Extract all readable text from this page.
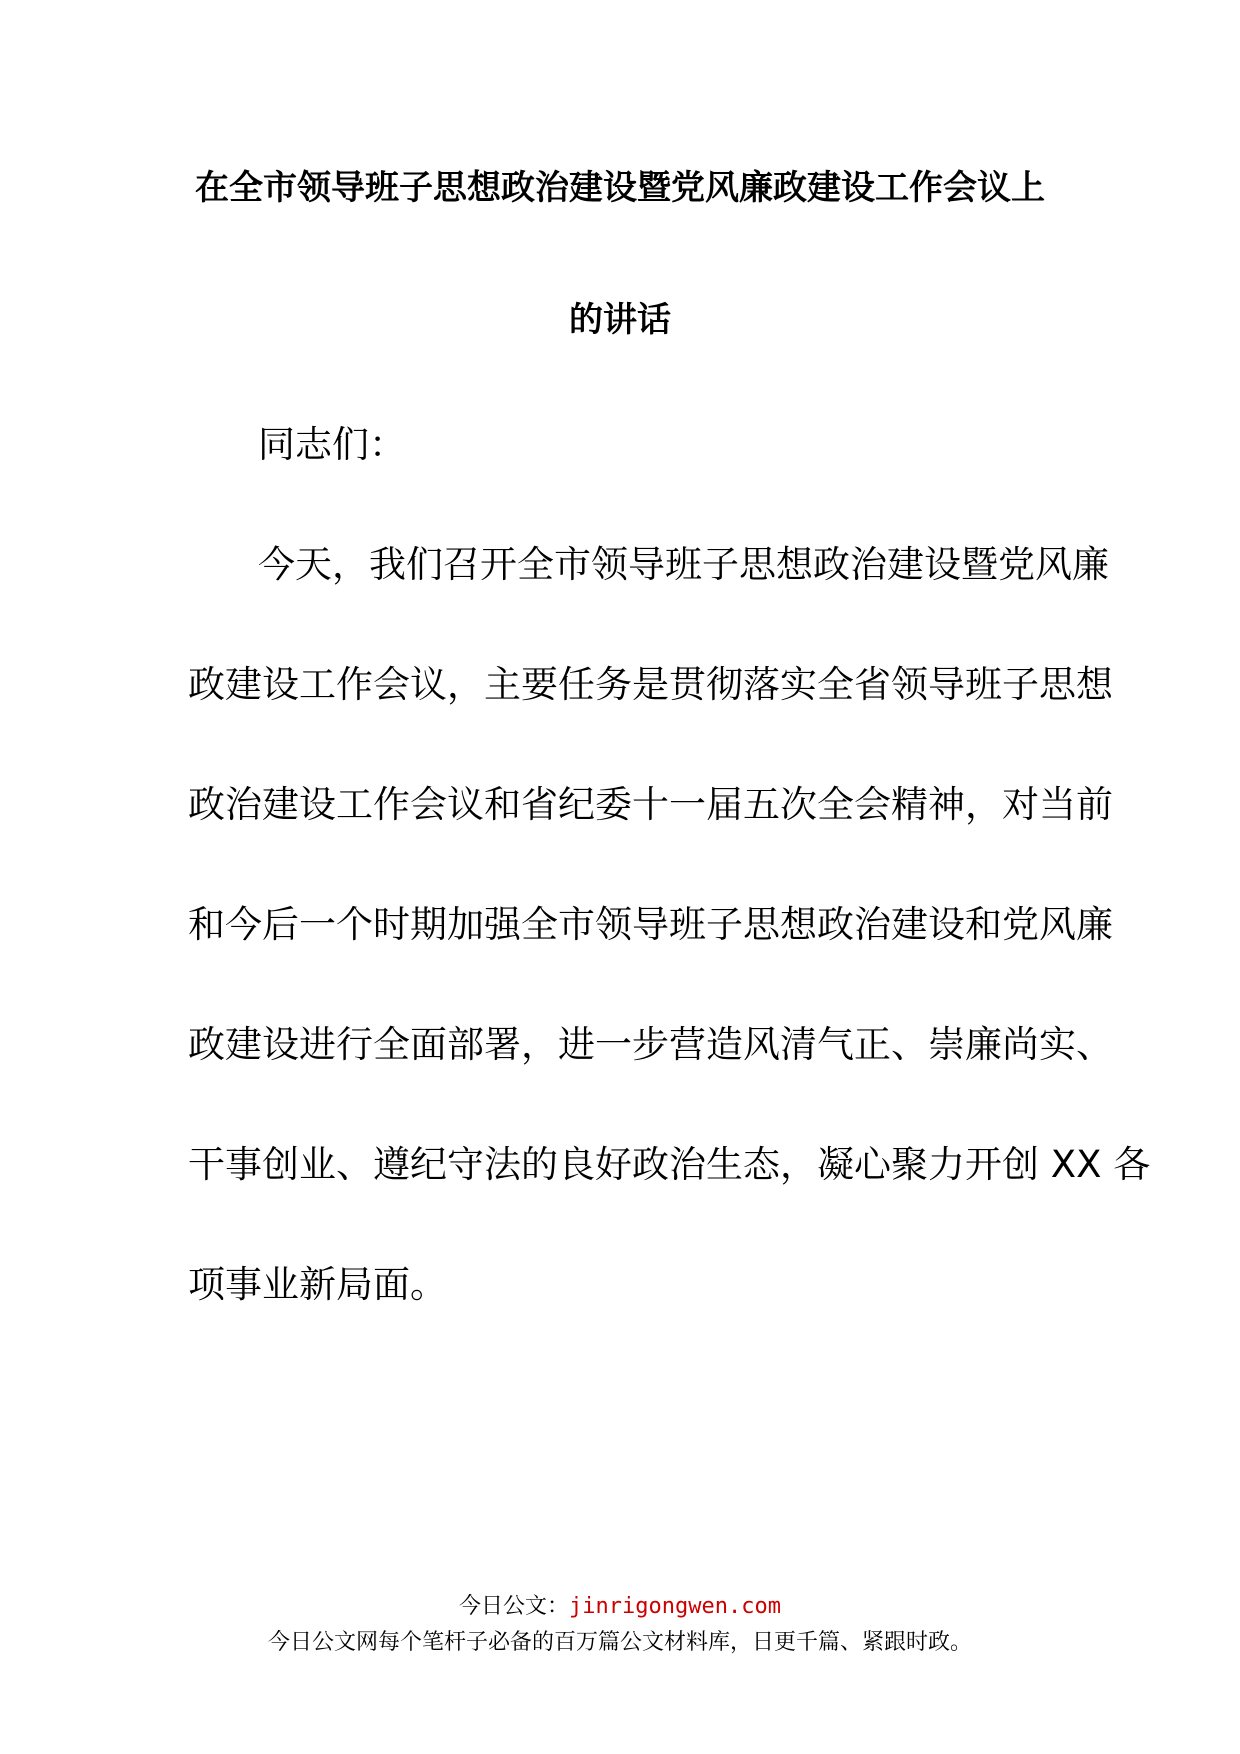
在全市领导班子思想政治建设暨党风廉政建设工作会议上
的讲话
同志们：
今天，我们召开全市领导班子思想政治建设暨党风廉
政建设工作会议，主要任务是贯彻落实全省领导班子思想
政治建设工作会议和省纪委十一届五次全会精神，对当前
和今后一个时期加强全市领导班子思想政治建设和党风廉
政建设进行全面部署，进一步营造风清气正、崇廉尚实、
干事创业、遵纪守法的良好政治生态，凝心聚力开创 XX 各
项事业新局面。
今日公文：jinrigongwen.com
今日公文网每个笔杆子必备的百万篇公文材料库，日更千篇、紧跟时政。
